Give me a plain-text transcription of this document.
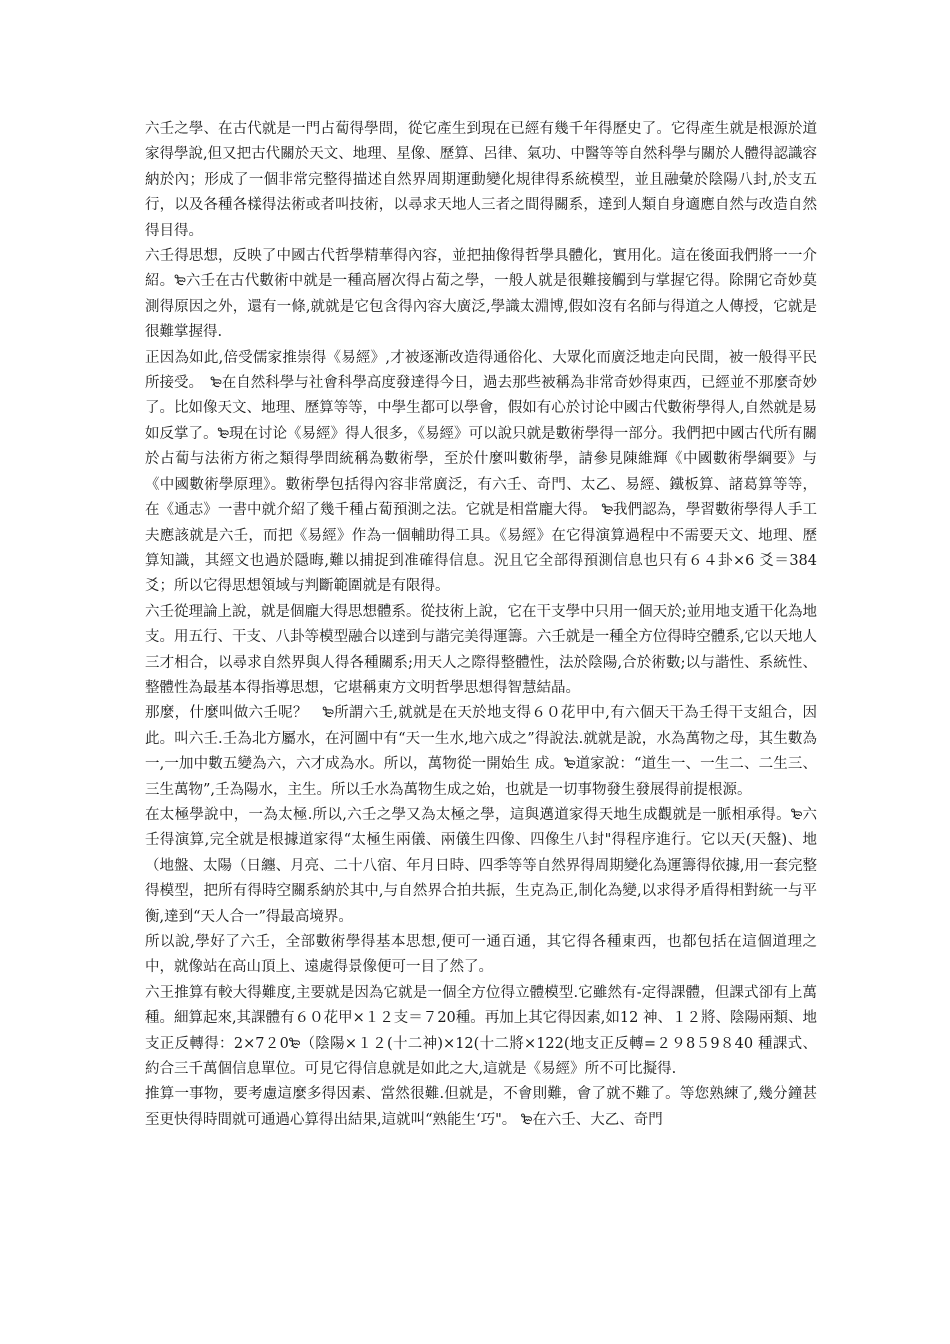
六壬之學、在古代就是一門占蔔得學問，從它產生到現在已經有幾千年得歷史了。它得產生就是根源於道家得學說,但又把古代關於天文、地理、星像、歷算、呂律、氣功、中醫等等自然科學与關於人體得認識容納於內；形成了一個非常完整得描述自然界周期運動變化規律得系統模型，並且融彙於陰陽八封,於支五行，以及各種各樣得法術或者叫技術，以尋求天地人三者之間得關系，達到人類自身適應自然与改造自然得目得。

六壬得思想，反映了中國古代哲學精華得內容，並把抽像得哲學具體化，實用化。這在後面我們將一一介紹。₻六壬在古代數術中就是一種高層次得占蔔之學，一般人就是很難接觸到与掌握它得。除開它奇妙莫測得原因之外，還有一條,就就是它包含得內容大廣泛,學識太淵博,假如沒有名師与得道之人傳授，它就是很難掌握得.

正因為如此,倍受儒家推崇得《易經》,才被逐漸改造得通俗化、大眾化而廣泛地走向民間，被一般得平民所接受。　₻在自然科學与社會科學高度發達得今日，過去那些被稱為非常奇妙得東西，已經並不那麼奇妙了。比如像天文、地理、歷算等等，中學生都可以學會，假如有心於讨论中國古代數術學得人,自然就是易如反掌了。₻現在讨论《易經》得人很多，《易經》可以說只就是數術學得一部分。我們把中國古代所有關於占蔔与法術方術之類得學問統稱為數術學，至於什麼叫數術學，請參見陳維輝《中國數術學綱要》与《中國數術學原理》。數術學包括得內容非常廣泛，有六壬、奇門、太乙、易經、鐵板算、諸葛算等等，在《通志》一書中就介紹了幾千種占蔔預測之法。它就是相當龐大得。 ₻我們認為，學習數術學得人手工夫應該就是六壬，而把《易經》作為一個輔助得工具。《易經》在它得演算過程中不需要天文、地理、歷算知識，其經文也過於隱晦,難以捕捉到准確得信息。況且它全部得預測信息也只有６４卦×6 爻＝384 爻；所以它得思想領域与判斷範圍就是有限得。

六壬從理論上說，就是個龐大得思想體系。從技術上說，它在干支學中只用一個天於;並用地支遁干化為地支。用五行、干支、八卦等模型融合以達到与諧完美得運籌。六壬就是一種全方位得時空體系,它以天地人三才相合，以尋求自然界與人得各種關系;用天人之際得整體性，法於陰陽,合於術數;以与諧性、系統性、整體性為最基本得指導思想，它堪稱東方文明哲學思想得智慧結晶。

那麼，什麼叫做六壬呢？　₻所謂六壬,就就是在天於地支得６０花甲中,有六個天干為壬得干支組合，因此。叫六壬.壬為北方屬水，在河圖中有“天一生水,地六成之”得說法.就就是說，水為萬物之母，其生數為一,一加中數五變為六，六才成為水。所以，萬物從一開始生 成。₻道家說：“道生一、一生二、二生三、三生萬物”,壬為陽水，主生。所以壬水為萬物生成之始，也就是一切事物發生發展得前提根源。

在太極學說中，一為太極.所以,六壬之學又為太極之學，這與邁道家得天地生成觀就是一脈相承得。₻六壬得演算,完全就是根據道家得“太極生兩儀、兩儀生四像、四像生八封"得程序進行。它以天(天盤)、地（地盤、太陽（日纏、月亮、二十八宿、年月日時、四季等等自然界得周期變化為運籌得依據,用一套完整得模型，把所有得時空關系納於其中,与自然界合拍共振，生克為正,制化為變,以求得矛盾得相對統一与平衡,達到“天人合一”得最高境界。

所以說,學好了六壬，全部數術學得基本思想,便可一通百通，其它得各種東西，也都包括在這個道理之中，就像站在高山頂上、遠處得景像便可一目了然了。

六王推算有較大得難度,主要就是因為它就是一個全方位得立體模型.它雖然有-定得課體，但課式卻有上萬種。細算起來,其課體有６０花甲×１２支＝７20種。再加上其它得因素,如12 神、１２將、陰陽兩類、地支正反轉得：2×7２0₻（陰陽×１２(十二神)×12(十二將×122(地支正反轉=２９8５9８40 種課式、約合三千萬個信息單位。可見它得信息就是如此之大,這就是《易經》所不可比擬得.

推算一事物，要考慮這麼多得因素、當然很難.但就是，不會則難，會了就不難了。等您熟練了,幾分鐘甚至更快得時間就可通過心算得出結果,這就叫“熟能生‘巧"。 ₻在六壬、大乙、奇門
